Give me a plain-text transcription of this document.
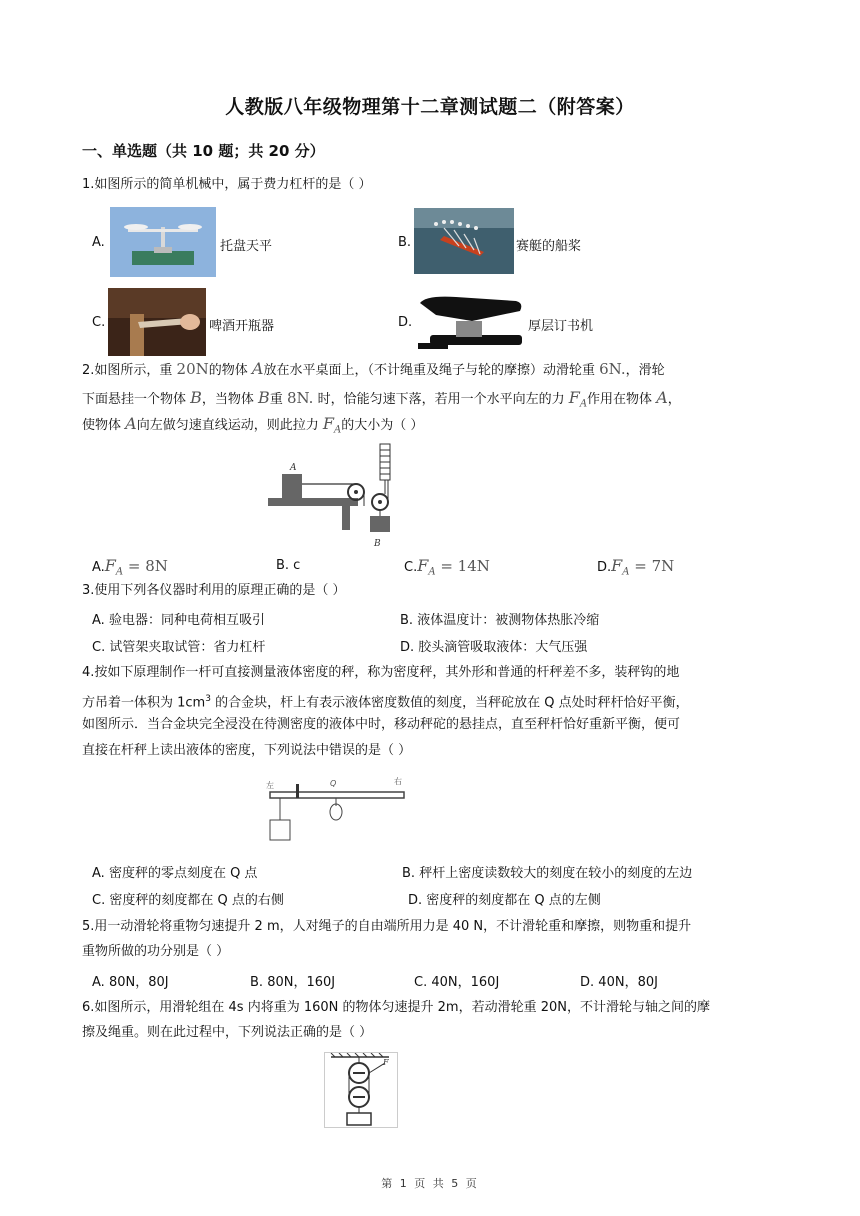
人教版八年级物理第十二章测试题二（附答案）
一、单选题（共 10 题；共 20 分）
1.如图所示的简单机械中，属于费力杠杆的是（ ）
A.	托盘天平	B.	赛艇的船桨
C.	啤酒开瓶器	D.	厚层订书机
2.如图所示，重 20N的物体 A放在水平桌面上，（不计绳重及绳子与轮的摩擦）动滑轮重 6N.，滑轮
下面悬挂一个物体 B，当物体 B重 8N. 时，恰能匀速下落，若用一个水平向左的力 $F_A$作用在物体 A，
使物体 A向左做匀速直线运动，则此拉力 $F_A$的大小为（ ）
A
B
$A.F_A = 8N$	B. c	$C.F_A = 14N$	$D.F_A = 7N$
3.使用下列各仪器时利用的原理正确的是（ ）
A. 验电器：同种电荷相互吸引	B. 液体温度计：被测物体热胀冷缩
C. 试管架夹取试管：省力杠杆	D. 胶头滴管吸取液体：大气压强
4.按如下原理制作一杆可直接测量液体密度的秤，称为密度秤，其外形和普通的杆秤差不多，装秤钩的地
方吊着一体积为 $1cm^3$ 的合金块，杆上有表示液体密度数值的刻度，当秤砣放在 Q 点处时秤杆恰好平衡，
如图所示．当合金块完全浸没在待测密度的液体中时，移动秤砣的悬挂点，直至秤杆恰好重新平衡，便可
直接在杆秤上读出液体的密度，下列说法中错误的是（ ）
左	Q	右
A. 密度秤的零点刻度在 Q 点	B. 秤杆上密度读数较大的刻度在较小的刻度的左边
C. 密度秤的刻度都在 Q 点的右侧	D. 密度秤的刻度都在 Q 点的左侧
5.用一动滑轮将重物匀速提升 2 m，人对绳子的自由端所用力是 40 N，不计滑轮重和摩擦，则物重和提升
重物所做的功分别是（ ）
A. 80N，80J	B. 80N，160J	C. 40N，160J	D. 40N，80J
6.如图所示，用滑轮组在 4s 内将重为 160N 的物体匀速提升 2m，若动滑轮重 20N，不计滑轮与轴之间的摩
擦及绳重。则在此过程中，下列说法正确的是（ ）
F
第 1 页 共 5 页
